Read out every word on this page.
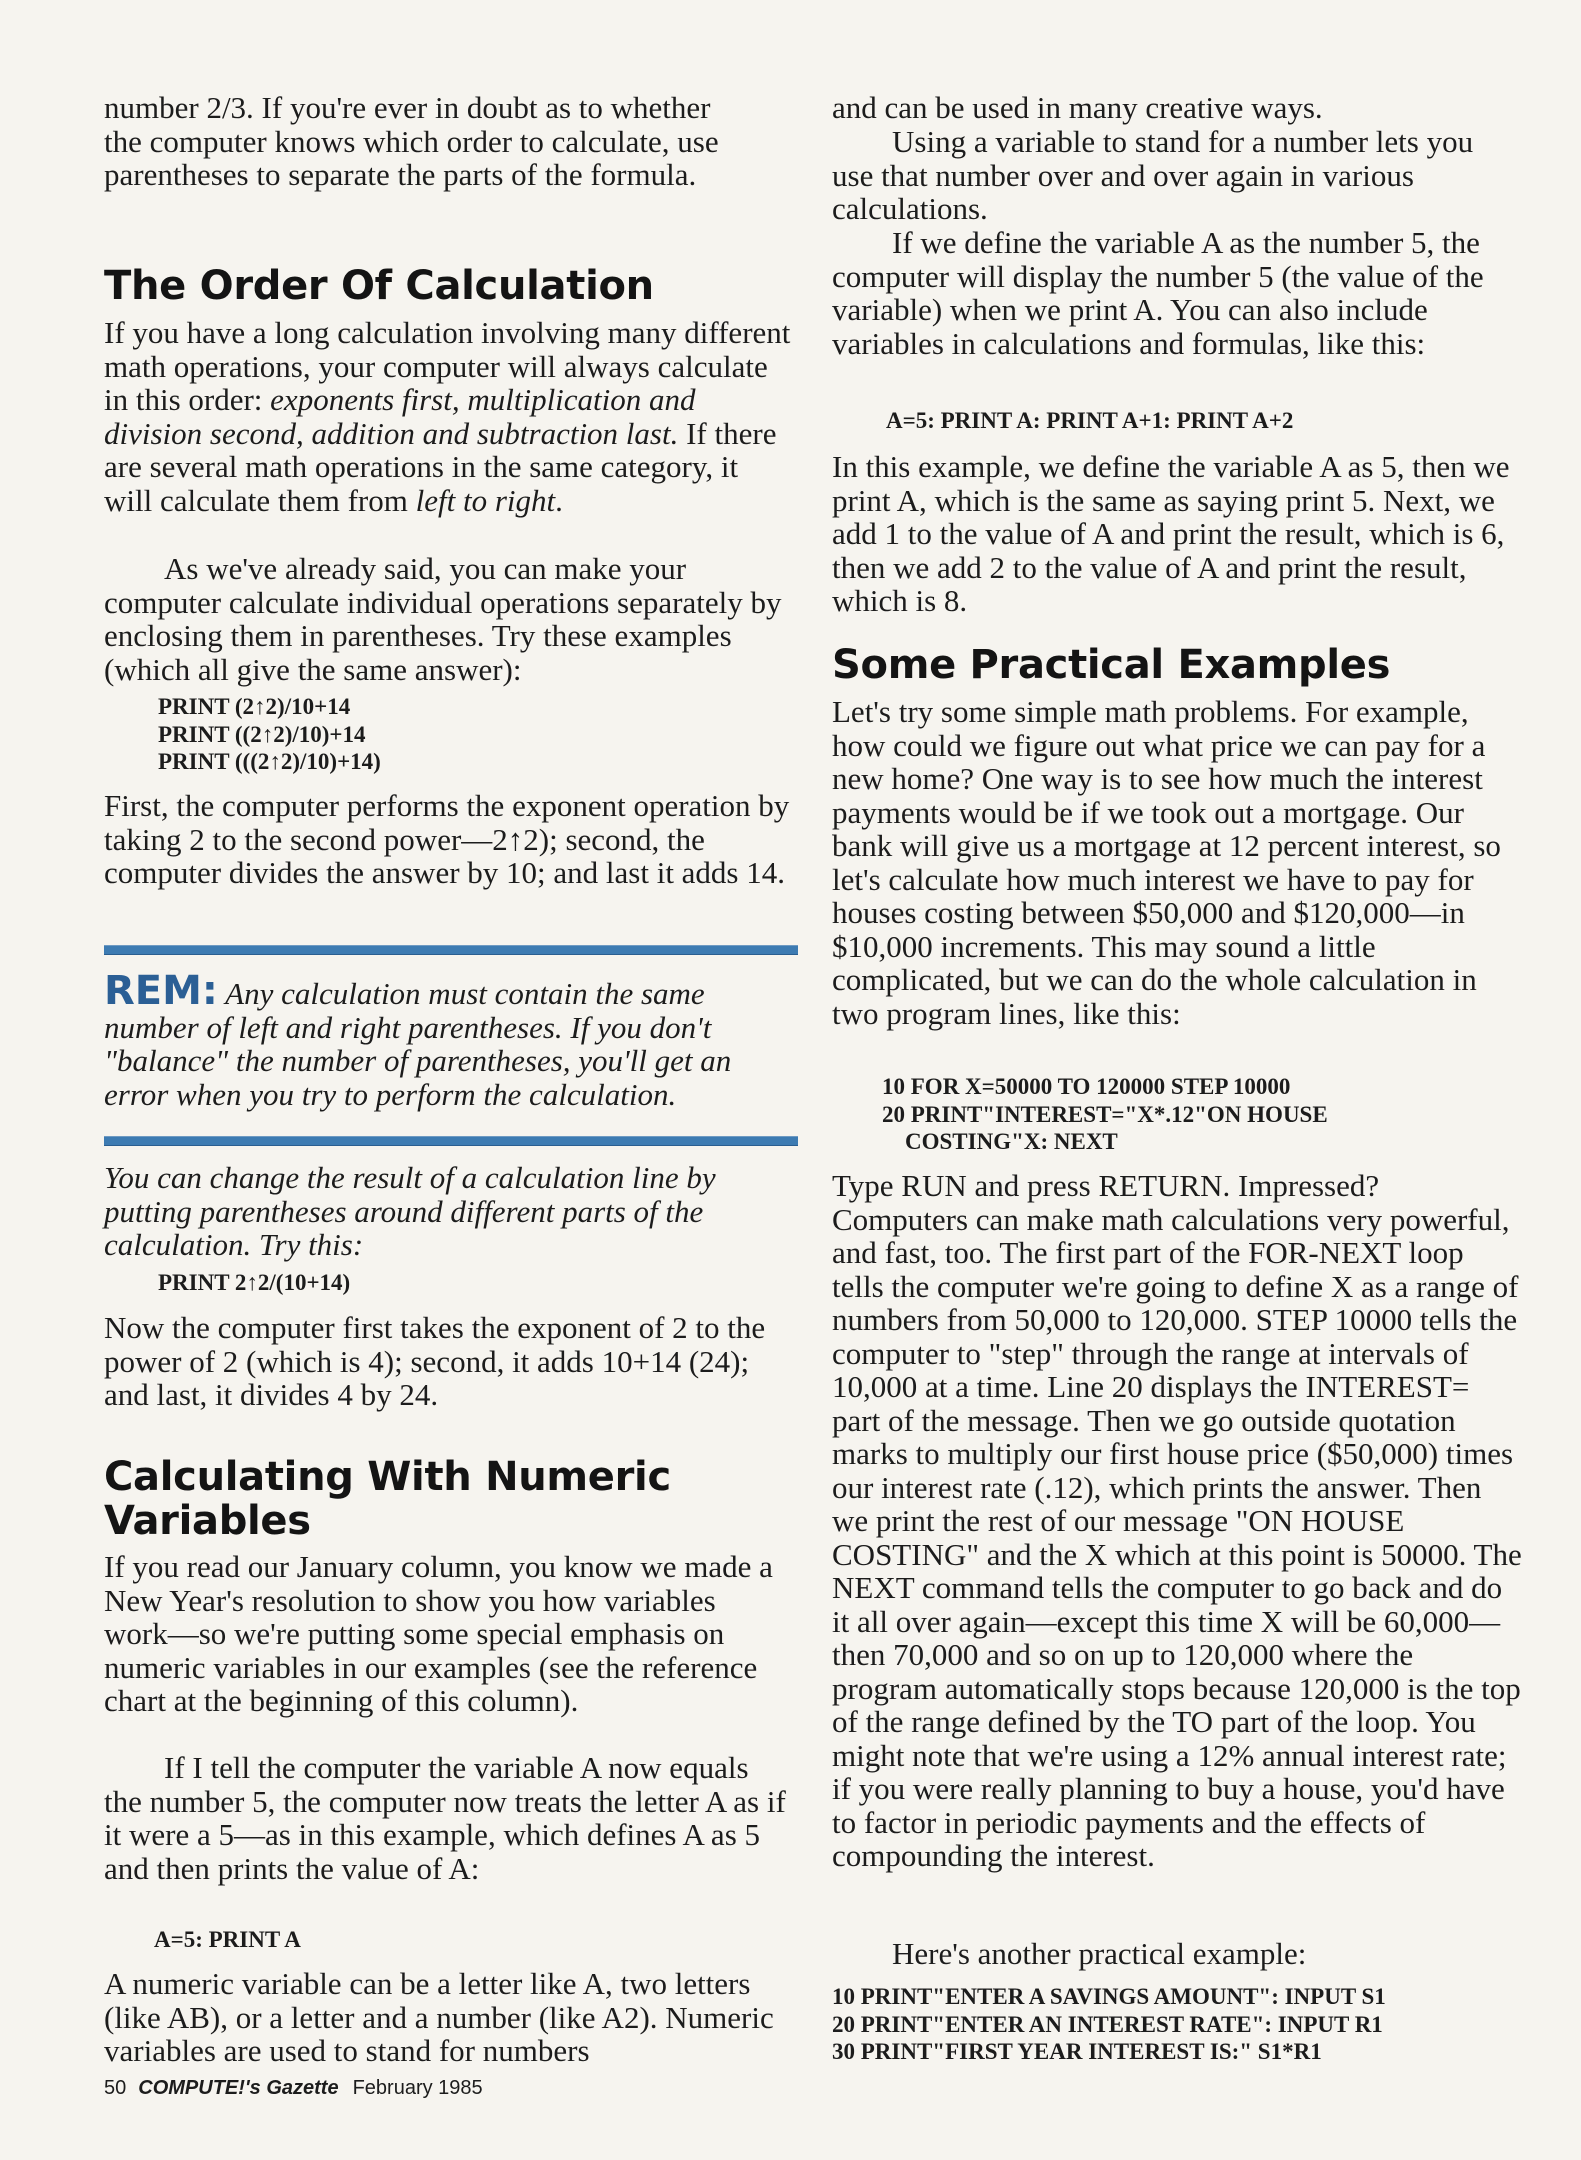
number 2/3. If you're ever in doubt as to whether the computer knows which order to calculate, use parentheses to separate the parts of the formula.

The Order Of Calculation

If you have a long calculation involving many different math operations, your computer will always calculate in this order: exponents first, multiplication and division second, addition and subtraction last. If there are several math operations in the same category, it will calculate them from left to right.

As we've already said, you can make your computer calculate individual operations separately by enclosing them in parentheses. Try these examples (which all give the same answer):

PRINT (2↑2)/10+14
PRINT ((2↑2)/10)+14
PRINT (((2↑2)/10)+14)

First, the computer performs the exponent operation by taking 2 to the second power—2↑2); second, the computer divides the answer by 10; and last it adds 14.

REM: Any calculation must contain the same number of left and right parentheses. If you don't "balance" the number of parentheses, you'll get an error when you try to perform the calculation.

You can change the result of a calculation line by putting parentheses around different parts of the calculation. Try this:

PRINT 2↑2/(10+14)

Now the computer first takes the exponent of 2 to the power of 2 (which is 4); second, it adds 10+14 (24); and last, it divides 4 by 24.

Calculating With Numeric
Variables

If you read our January column, you know we made a New Year's resolution to show you how variables work—so we're putting some special emphasis on numeric variables in our examples (see the reference chart at the beginning of this column).

If I tell the computer the variable A now equals the number 5, the computer now treats the letter A as if it were a 5—as in this example, which defines A as 5 and then prints the value of A:

A=5: PRINT A

A numeric variable can be a letter like A, two letters (like AB), or a letter and a number (like A2). Numeric variables are used to stand for numbers

and can be used in many creative ways.

Using a variable to stand for a number lets you use that number over and over again in various calculations.

If we define the variable A as the number 5, the computer will display the number 5 (the value of the variable) when we print A. You can also include variables in calculations and formulas, like this:

A=5: PRINT A: PRINT A+1: PRINT A+2

In this example, we define the variable A as 5, then we print A, which is the same as saying print 5. Next, we add 1 to the value of A and print the result, which is 6, then we add 2 to the value of A and print the result, which is 8.

Some Practical Examples

Let's try some simple math problems. For example, how could we figure out what price we can pay for a new home? One way is to see how much the interest payments would be if we took out a mortgage. Our bank will give us a mortgage at 12 percent interest, so let's calculate how much interest we have to pay for houses costing between $50,000 and $120,000—in $10,000 increments. This may sound a little complicated, but we can do the whole calculation in two program lines, like this:

10 FOR X=50000 TO 120000 STEP 10000
20 PRINT"INTEREST="X*.12"ON HOUSE
COSTING"X: NEXT

Type RUN and press RETURN. Impressed? Computers can make math calculations very powerful, and fast, too. The first part of the FOR-NEXT loop tells the computer we're going to define X as a range of numbers from 50,000 to 120,000. STEP 10000 tells the computer to "step" through the range at intervals of 10,000 at a time. Line 20 displays the INTEREST= part of the message. Then we go outside quotation marks to multiply our first house price ($50,000) times our interest rate (.12), which prints the answer. Then we print the rest of our message "ON HOUSE COSTING" and the X which at this point is 50000. The NEXT command tells the computer to go back and do it all over again—except this time X will be 60,000—then 70,000 and so on up to 120,000 where the program automatically stops because 120,000 is the top of the range defined by the TO part of the loop. You might note that we're using a 12% annual interest rate; if you were really planning to buy a house, you'd have to factor in periodic payments and the effects of compounding the interest.

Here's another practical example:

10 PRINT"ENTER A SAVINGS AMOUNT": INPUT S1
20 PRINT"ENTER AN INTEREST RATE": INPUT R1
30 PRINT"FIRST YEAR INTEREST IS:" S1*R1
50 COMPUTE!'s Gazette February 1985
